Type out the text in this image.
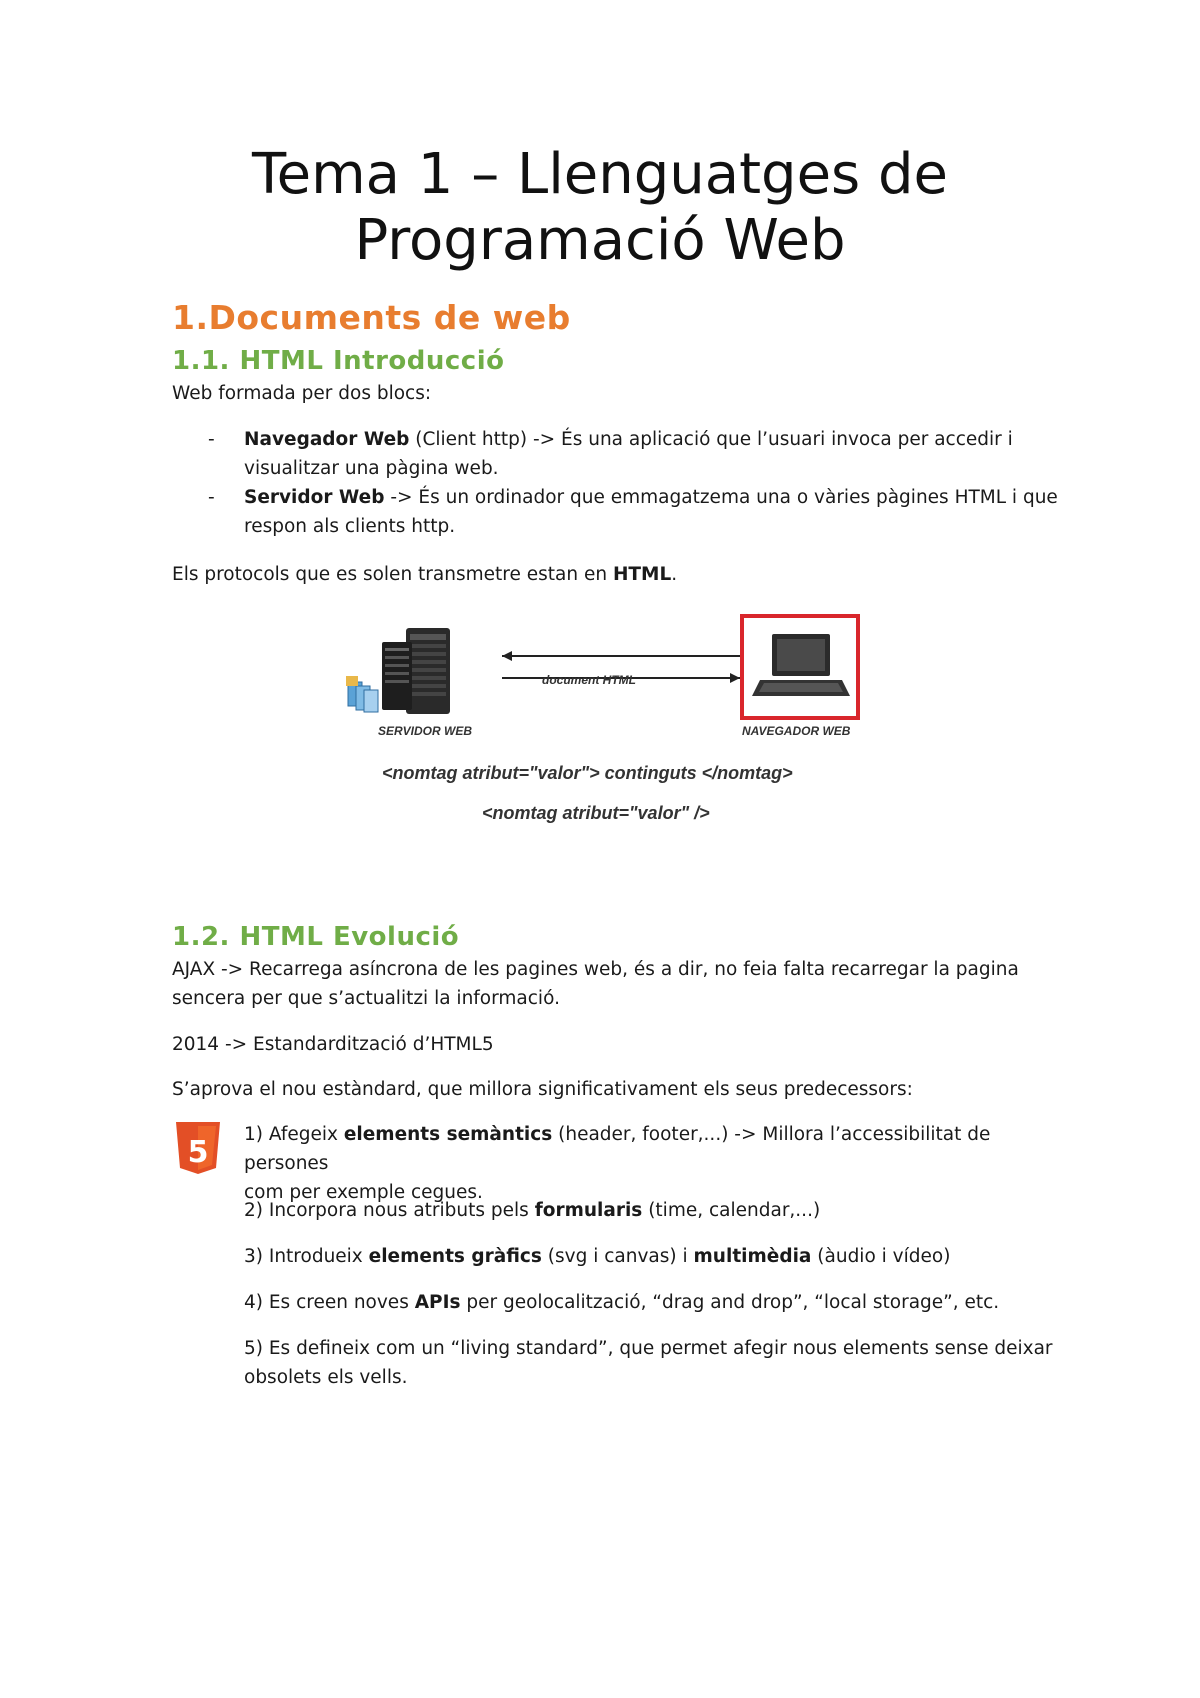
Tema 1 – Llenguatges de
Programació Web
1.Documents de web
1.1. HTML Introducció

Web formada per dos blocs:

- Navegador Web (Client http) -> És una aplicació que l’usuari invoca per accedir i
visualitzar una pàgina web.
- Servidor Web -> És un ordinador que emmagatzema una o vàries pàgines HTML i que
respon als clients http.

Els protocols que es solen transmetre estan en HTML.

document HTML
SERVIDOR WEB	NAVEGADOR WEB
<nomtag atribut="valor"> continguts </nomtag>
<nomtag atribut="valor" />
1.2. HTML Evolució

AJAX -> Recarrega asíncrona de les pagines web, és a dir, no feia falta recarregar la pagina
sencera per que s’actualitzi la informació.

2014 -> Estandardització d’HTML5

S’aprova el nou estàndard, que millora significativament els seus predecessors:

5

1) Afegeix elements semàntics (header, footer,...) -> Millora l’accessibilitat de persones
com per exemple cegues.

2) Incorpora nous atributs pels formularis (time, calendar,...)

3) Introdueix elements gràfics (svg i canvas) i multimèdia (àudio i vídeo)

4) Es creen noves APIs per geolocalització, “drag and drop”, “local storage”, etc.

5) Es defineix com un “living standard”, que permet afegir nous elements sense deixar
obsolets els vells.
